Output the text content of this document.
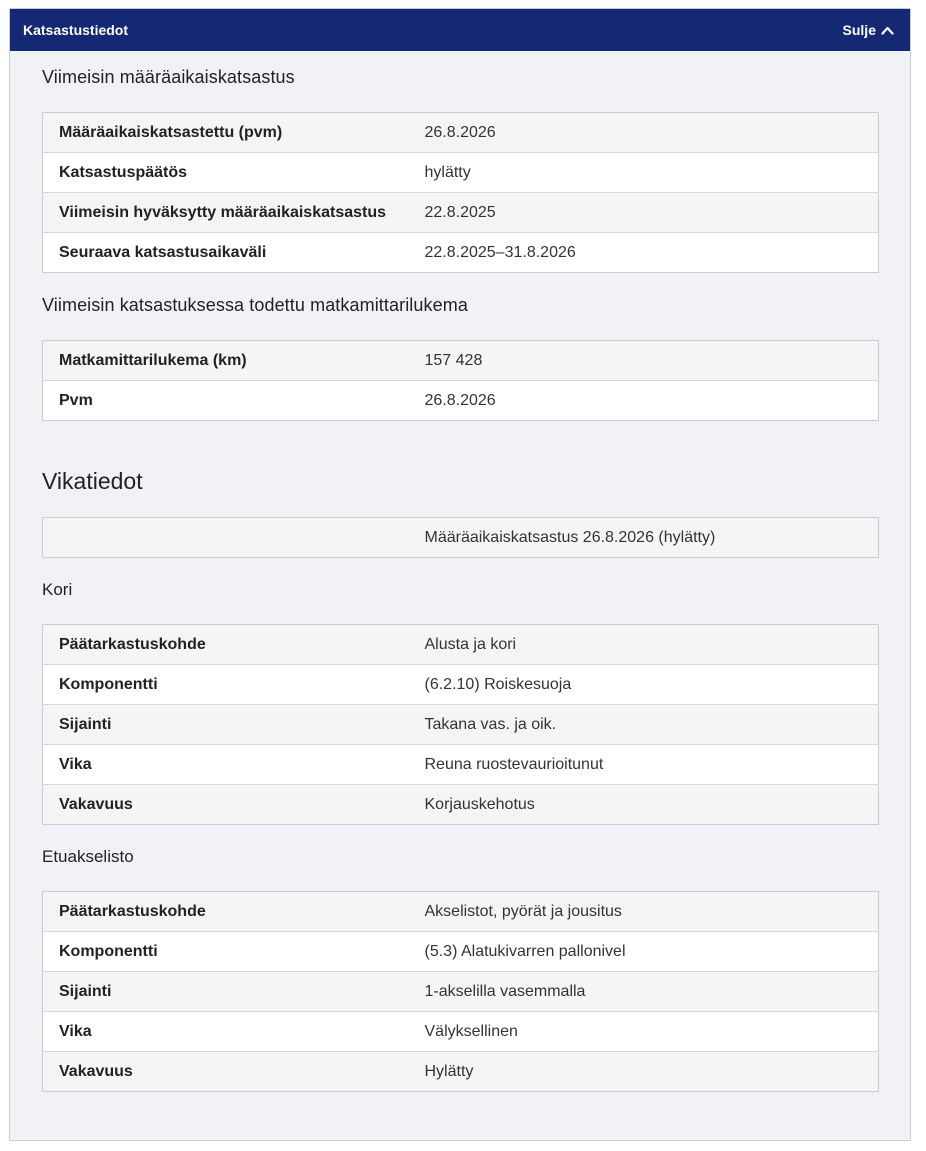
Katsastustiedot	Sulje
Viimeisin määräaikaiskatsastus
Määräaikaiskatsastettu (pvm)	26.8.2026
Katsastuspäätös	hylätty
Viimeisin hyväksytty määräaikaiskatsastus	22.8.2025
Seuraava katsastusaikaväli	22.8.2025–31.8.2026
Viimeisin katsastuksessa todettu matkamittarilukema
Matkamittarilukema (km)	157 428
Pvm	26.8.2026
Vikatiedot
	Määräaikaiskatsastus 26.8.2026 (hylätty)
Kori
Päätarkastuskohde	Alusta ja kori
Komponentti	(6.2.10) Roiskesuoja
Sijainti	Takana vas. ja oik.
Vika	Reuna ruostevaurioitunut
Vakavuus	Korjauskehotus
Etuakselisto
Päätarkastuskohde	Akselistot, pyörät ja jousitus
Komponentti	(5.3) Alatukivarren pallonivel
Sijainti	1-akselilla vasemmalla
Vika	Välyksellinen
Vakavuus	Hylätty
